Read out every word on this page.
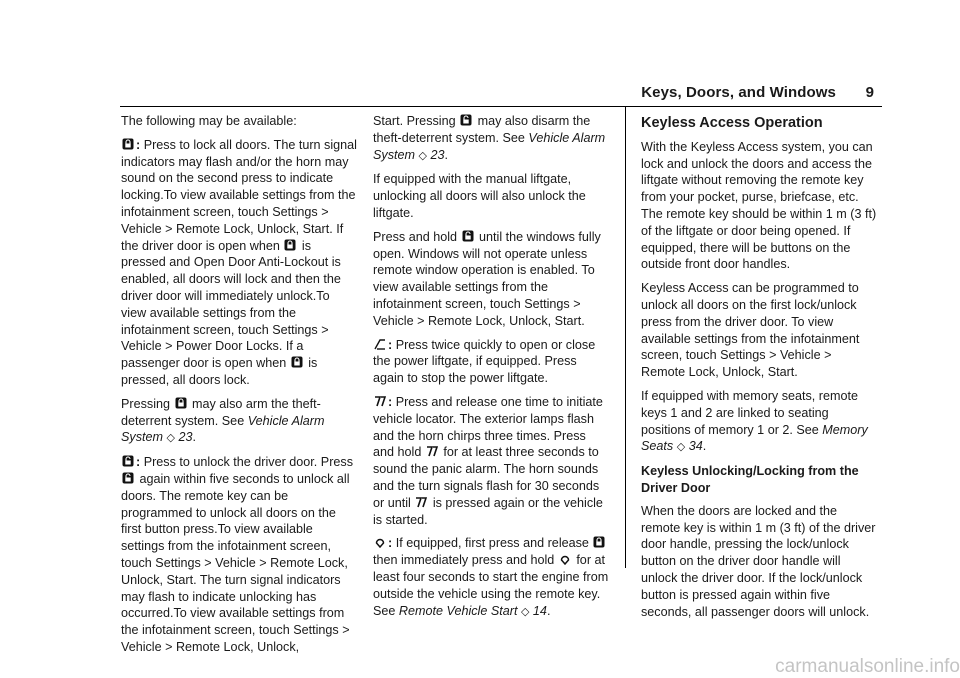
Keys, Doors, and Windows 9

The following may be available:

: Press to lock all doors. The turn signal indicators may flash and/or the horn may sound on the second press to indicate locking.To view available settings from the infotainment screen, touch Settings > Vehicle > Remote Lock, Unlock, Start. If the driver door is open when is pressed and Open Door Anti-Lockout is enabled, all doors will lock and then the driver door will immediately unlock.To view available settings from the infotainment screen, touch Settings > Vehicle > Power Door Locks. If a passenger door is open when is pressed, all doors lock.

Pressing may also arm the theft-deterrent system. See Vehicle Alarm System ◇ 23.

: Press to unlock the driver door. Press
again within five seconds to unlock all doors. The remote key can be programmed to unlock all doors on the first button press.To view available settings from the infotainment screen, touch Settings > Vehicle > Remote Lock, Unlock, Start. The turn signal indicators may flash to indicate unlocking has occurred.To view available settings from the infotainment screen, touch Settings > Vehicle > Remote Lock, Unlock,

Start. Pressing may also disarm the theft-deterrent system. See Vehicle Alarm System ◇ 23.

If equipped with the manual liftgate, unlocking all doors will also unlock the liftgate.

Press and hold until the windows fully open. Windows will not operate unless remote window operation is enabled. To view available settings from the infotainment screen, touch Settings > Vehicle > Remote Lock, Unlock, Start.

: Press twice quickly to open or close the power liftgate, if equipped. Press again to stop the power liftgate.

: Press and release one time to initiate vehicle locator. The exterior lamps flash and the horn chirps three times. Press and hold for at least three seconds to sound the panic alarm. The horn sounds and the turn signals flash for 30 seconds or until is pressed again or the vehicle is started.

: If equipped, first press and release
then immediately press and hold for at least four seconds to start the engine from outside the vehicle using the remote key. See Remote Vehicle Start ◇ 14.

Keyless Access Operation

With the Keyless Access system, you can lock and unlock the doors and access the liftgate without removing the remote key from your pocket, purse, briefcase, etc. The remote key should be within 1 m (3 ft) of the liftgate or door being opened. If equipped, there will be buttons on the outside front door handles.

Keyless Access can be programmed to unlock all doors on the first lock/unlock press from the driver door. To view available settings from the infotainment screen, touch Settings > Vehicle > Remote Lock, Unlock, Start.

If equipped with memory seats, remote keys 1 and 2 are linked to seating positions of memory 1 or 2. See Memory Seats ◇ 34.

Keyless Unlocking/Locking from the
Driver Door

When the doors are locked and the remote key is within 1 m (3 ft) of the driver door handle, pressing the lock/unlock button on the driver door handle will unlock the driver door. If the lock/unlock button is pressed again within five seconds, all passenger doors will unlock.

carmanualsonline.info
